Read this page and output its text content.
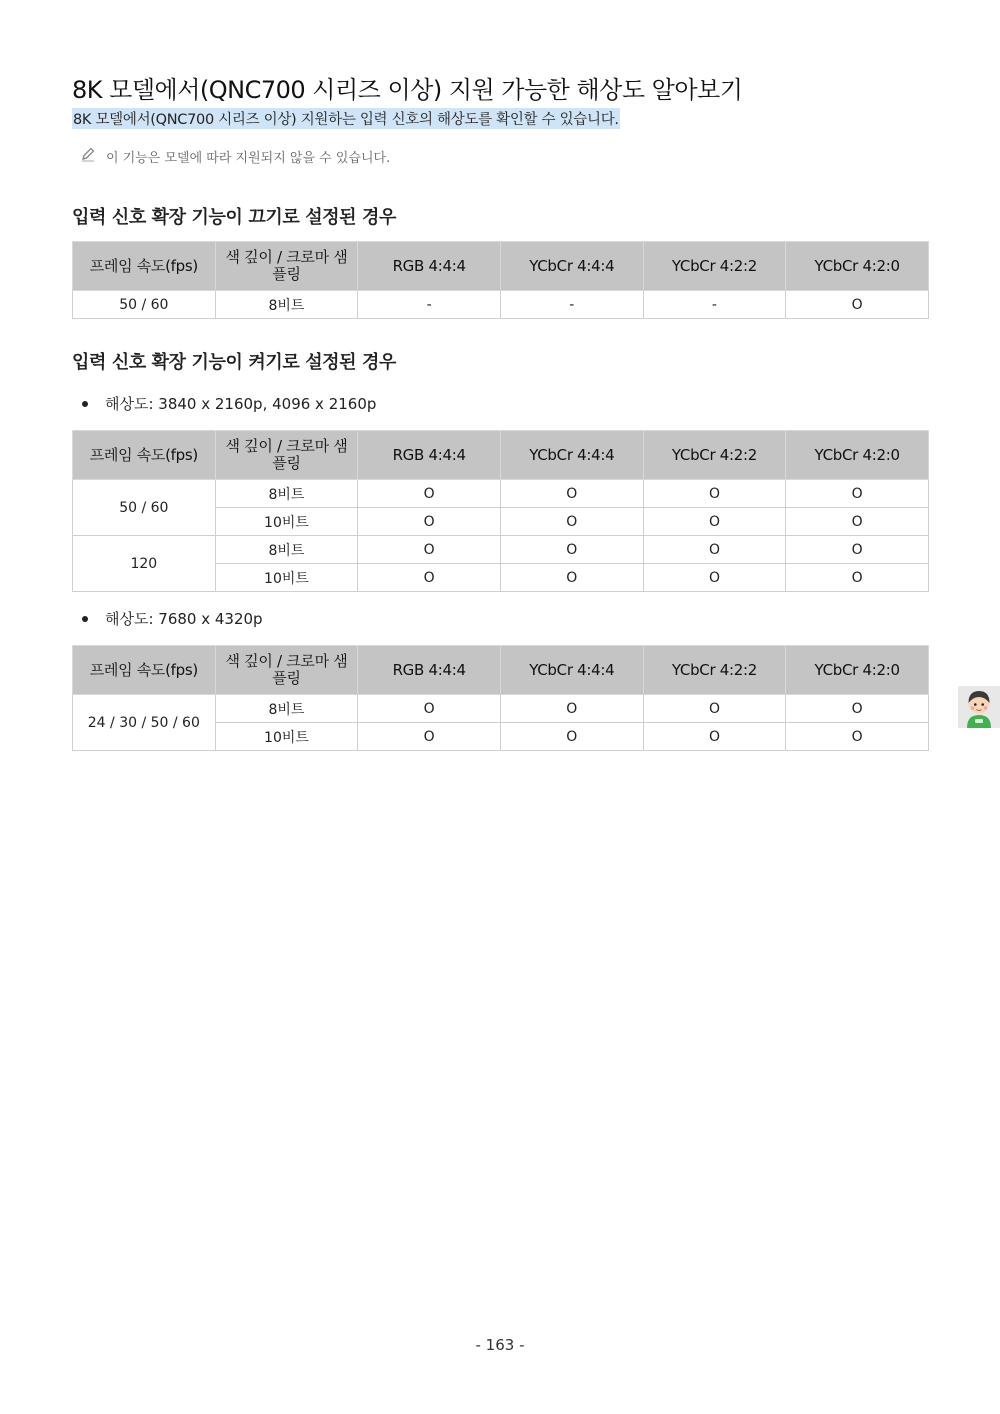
8K 모델에서(QNC700 시리즈 이상) 지원 가능한 해상도 알아보기

8K 모델에서(QNC700 시리즈 이상) 지원하는 입력 신호의 해상도를 확인할 수 있습니다.

이 기능은 모델에 따라 지원되지 않을 수 있습니다.
입력 신호 확장 기능이 끄기로 설정된 경우
프레임 속도(fps)	색 깊이 / 크로마 샘플링	RGB 4:4:4	YCbCr 4:4:4	YCbCr 4:2:2	YCbCr 4:2:0
50 / 60	8비트	-	-	-	O
입력 신호 확장 기능이 켜기로 설정된 경우
해상도: 3840 x 2160p, 4096 x 2160p
프레임 속도(fps)	색 깊이 / 크로마 샘플링	RGB 4:4:4	YCbCr 4:4:4	YCbCr 4:2:2	YCbCr 4:2:0
50 / 60	8비트	O	O	O	O
	10비트	O	O	O	O
120	8비트	O	O	O	O
	10비트	O	O	O	O
해상도: 7680 x 4320p
프레임 속도(fps)	색 깊이 / 크로마 샘플링	RGB 4:4:4	YCbCr 4:4:4	YCbCr 4:2:2	YCbCr 4:2:0
24 / 30 / 50 / 60	8비트	O	O	O	O
	10비트	O	O	O	O
- 163 -
